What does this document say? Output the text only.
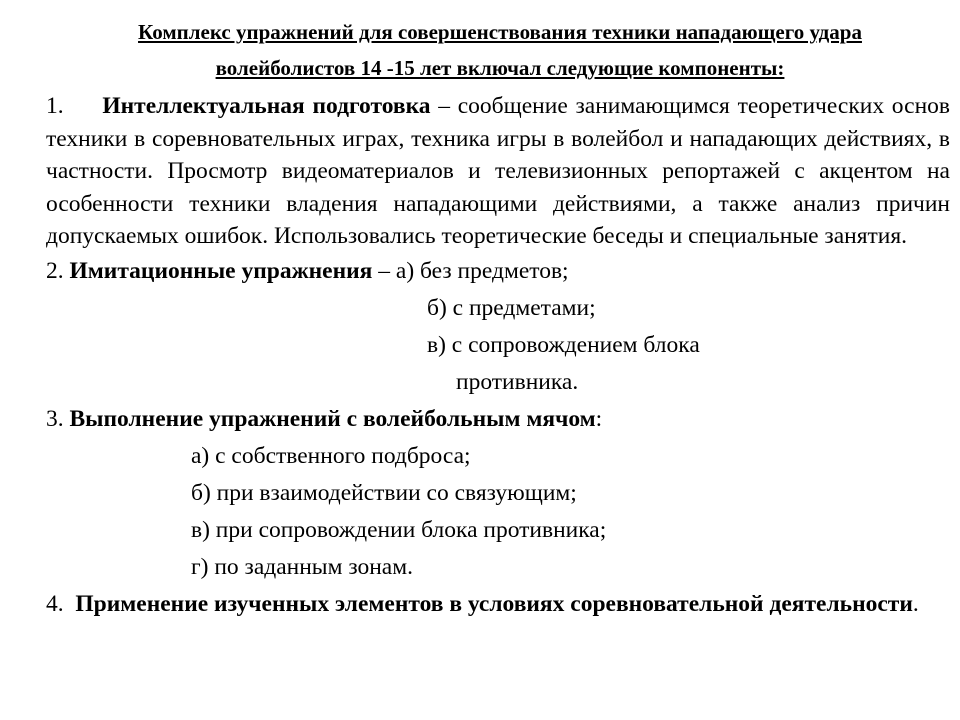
Комплекс упражнений для совершенствования техники нападающего удара
волейболистов 14 -15 лет включал следующие компоненты:

1. Интеллектуальная подготовка – сообщение занимающимся теоретических основ техники в соревновательных играх, техника игры в волейбол и нападающих действиях, в частности. Просмотр видеоматериалов и телевизионных репортажей с акцентом на особенности техники владения нападающими действиями, а также анализ причин допускаемых ошибок. Использовались теоретические беседы и специальные занятия.

2. Имитационные упражнения – а) без предметов;
б) с предметами;
в) с сопровождением блока
противника.
3. Выполнение упражнений с волейбольным мячом:
а) с собственного подброса;
б) при взаимодействии со связующим;
в) при сопровождении блока противника;
г) по заданным зонам.

4. Применение изученных элементов в условиях соревновательной деятельности.
